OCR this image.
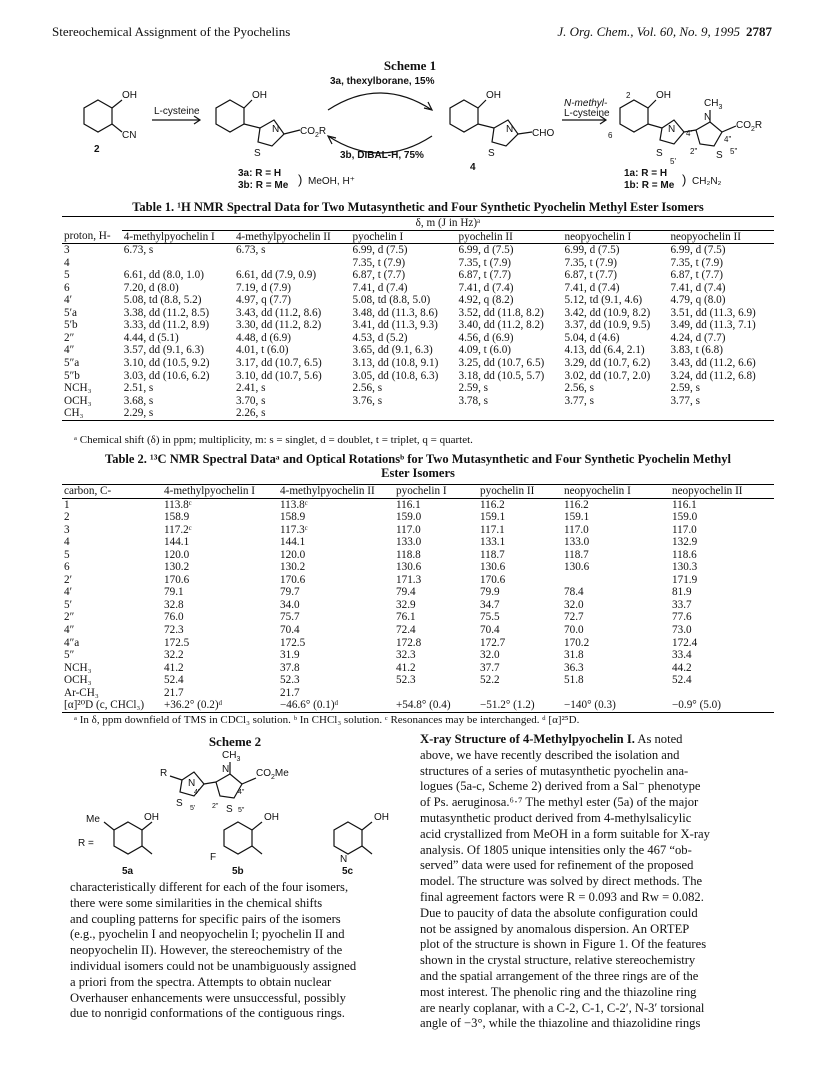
Stereochemical Assignment of the Pyochelins	J. Org. Chem., Vol. 60, No. 9, 1995 2787
Scheme 1
OH
CN
2
L-cysteine
OH
N
S
$CO_2R$
3a: R = H
3b: R = Me ) MeOH, H⁺
3a, thexylborane, 15%
3b, DIBAL-H, 75%
OH
N
S
CHO
4
N-methyl-
L-cysteine
OH
2
6
N
S
N
$CH_3$
S
$CO_2R$
4"
5"
2"
5'
4'
1a: R = H
1b: R = Me ) CH₂N₂
Table 1. ¹H NMR Spectral Data for Two Mutasynthetic and Four Synthetic Pyochelin Methyl Ester Isomers
	δ, m (J in Hz)ᵃ					
proton, H-	4-methylpyochelin I	4-methylpyochelin II	pyochelin I	pyochelin II	neopyochelin I	neopyochelin II
3	6.73, s	6.73, s	6.99, d (7.5)	6.99, d (7.5)	6.99, d (7.5)	6.99, d (7.5)
4			7.35, t (7.9)	7.35, t (7.9)	7.35, t (7.9)	7.35, t (7.9)
5	6.61, dd (8.0, 1.0)	6.61, dd (7.9, 0.9)	6.87, t (7.7)	6.87, t (7.7)	6.87, t (7.7)	6.87, t (7.7)
6	7.20, d (8.0)	7.19, d (7.9)	7.41, d (7.4)	7.41, d (7.4)	7.41, d (7.4)	7.41, d (7.4)
4′	5.08, td (8.8, 5.2)	4.97, q (7.7)	5.08, td (8.8, 5.0)	4.92, q (8.2)	5.12, td (9.1, 4.6)	4.79, q (8.0)
5′a	3.38, dd (11.2, 8.5)	3.43, dd (11.2, 8.6)	3.48, dd (11.3, 8.6)	3.52, dd (11.8, 8.2)	3.42, dd (10.9, 8.2)	3.51, dd (11.3, 6.9)
5′b	3.33, dd (11.2, 8.9)	3.30, dd (11.2, 8.2)	3.41, dd (11.3, 9.3)	3.40, dd (11.2, 8.2)	3.37, dd (10.9, 9.5)	3.49, dd (11.3, 7.1)
2″	4.44, d (5.1)	4.48, d (6.9)	4.53, d (5.2)	4.56, d (6.9)	5.04, d (4.6)	4.24, d (7.7)
4″	3.57, dd (9.1, 6.3)	4.01, t (6.0)	3.65, dd (9.1, 6.3)	4.09, t (6.0)	4.13, dd (6.4, 2.1)	3.83, t (6.8)
5″a	3.10, dd (10.5, 9.2)	3.17, dd (10.7, 6.5)	3.13, dd (10.8, 9.1)	3.25, dd (10.7, 6.5)	3.29, dd (10.7, 6.2)	3.43, dd (11.2, 6.6)
5″b	3.03, dd (10.6, 6.2)	3.10, dd (10.7, 5.6)	3.05, dd (10.8, 6.3)	3.18, dd (10.5, 5.7)	3.02, dd (10.7, 2.0)	3.24, dd (11.2, 6.8)
NCH₃	2.51, s	2.41, s	2.56, s	2.59, s	2.56, s	2.59, s
OCH₃	3.68, s	3.70, s	3.76, s	3.78, s	3.77, s	3.77, s
CH₃	2.29, s	2.26, s				
ᵃ Chemical shift (δ) in ppm; multiplicity, m: s = singlet, d = doublet, t = triplet, q = quartet.
Table 2. ¹³C NMR Spectral Dataᵃ and Optical Rotationsᵇ for Two Mutasynthetic and Four Synthetic Pyochelin Methyl
Ester Isomers
carbon, C-	4-methylpyochelin I	4-methylpyochelin II	pyochelin I	pyochelin II	neopyochelin I	neopyochelin II
1	113.8ᶜ	113.8ᶜ	116.1	116.2	116.2	116.1
2	158.9	158.9	159.0	159.1	159.1	159.0
3	117.2ᶜ	117.3ᶜ	117.0	117.1	117.0	117.0
4	144.1	144.1	133.0	133.1	133.0	132.9
5	120.0	120.0	118.8	118.7	118.7	118.6
6	130.2	130.2	130.6	130.6	130.6	130.3
2′	170.6	170.6	171.3	170.6		171.9
4′	79.1	79.7	79.4	79.9	78.4	81.9
5′	32.8	34.0	32.9	34.7	32.0	33.7
2″	76.0	75.7	76.1	75.5	72.7	77.6
4″	72.3	70.4	72.4	70.4	70.0	73.0
4″a	172.5	172.5	172.8	172.7	170.2	172.4
5″	32.2	31.9	32.3	32.0	31.8	33.4
NCH₃	41.2	37.8	41.2	37.7	36.3	44.2
OCH₃	52.4	52.3	52.3	52.2	51.8	52.4
Ar-CH₃	21.7	21.7				
[α]²⁰D (c, CHCl₃)	+36.2° (0.2)ᵈ	−46.6° (0.1)ᵈ	+54.8° (0.4)	−51.2° (1.2)	−140° (0.3)	−0.9° (5.0)
ᵃ In δ, ppm downfield of TMS in CDCl₃ solution. ᵇ In CHCl₃ solution. ᶜ Resonances may be interchanged. ᵈ [α]²⁵D.
Scheme 2
R
N
4'
S 5'
N
$CH_3$
$CO_2Me$
4"
2" S 5"
R =
Me	OH	OH
F
OH
N
5a	5b	5c
characteristically different for each of the four isomers,
there were some similarities in the chemical shifts
and coupling patterns for specific pairs of the isomers
(e.g., pyochelin I and neopyochelin I; pyochelin II and
neopyochelin II). However, the stereochemistry of the
individual isomers could not be unambiguously assigned
a priori from the spectra. Attempts to obtain nuclear
Overhauser enhancements were unsuccessful, possibly
due to nonrigid conformations of the contiguous rings.
X-ray Structure of 4-Methylpyochelin I. As noted
above, we have recently described the isolation and
structures of a series of mutasynthetic pyochelin ana-
logues (5a-c, Scheme 2) derived from a Sal⁻ phenotype
of Ps. aeruginosa.⁶·⁷ The methyl ester (5a) of the major
mutasynthetic product derived from 4-methylsalicylic
acid crystallized from MeOH in a form suitable for X-ray
analysis. Of 1805 unique intensities only the 467 “ob-
served” data were used for refinement of the proposed
model. The structure was solved by direct methods. The
final agreement factors were R = 0.093 and Rw = 0.082.
Due to paucity of data the absolute configuration could
not be assigned by anomalous dispersion. An ORTEP
plot of the structure is shown in Figure 1. Of the features
shown in the crystal structure, relative stereochemistry
and the spatial arrangement of the three rings are of the
most interest. The phenolic ring and the thiazoline ring
are nearly coplanar, with a C-2, C-1, C-2′, N-3′ torsional
angle of −3°, while the thiazoline and thiazolidine rings
